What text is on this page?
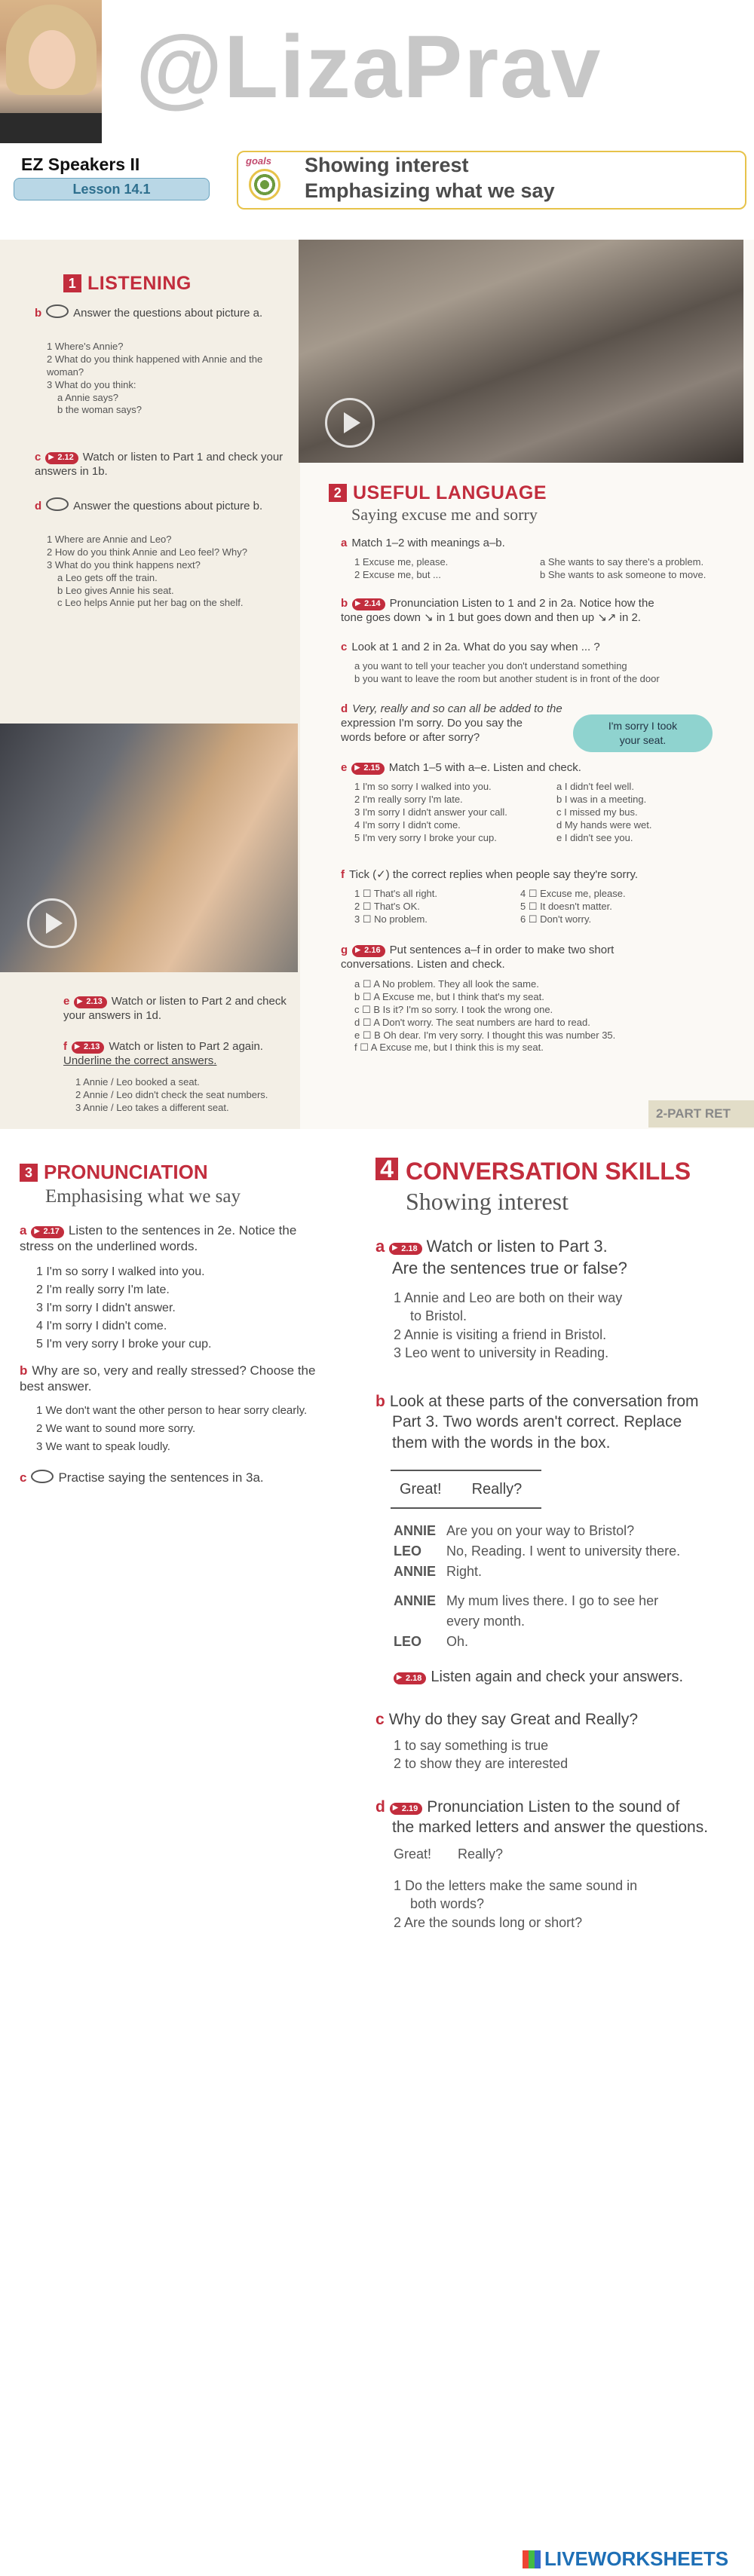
@LizaPrav
EZ Speakers II
Lesson 14.1
goals Showing interest
Emphasizing what we say
1 LISTENING
b	Answer the questions about picture a.
1 Where's Annie?
2 What do you think happened with Annie and the woman?
3 What do you think:
a Annie says?
b the woman says?
c ▶ 2.12 Watch or listen to Part 1 and check your answers in 1b.
d	Answer the questions about picture b.
1 Where are Annie and Leo?
2 How do you think Annie and Leo feel? Why?
3 What do you think happens next?
a Leo gets off the train.
b Leo gives Annie his seat.
c Leo helps Annie put her bag on the shelf.
e ▶ 2.13 Watch or listen to Part 2 and check your answers in 1d.
f ▶ 2.13 Watch or listen to Part 2 again.
Underline the correct answers.
1 Annie / Leo booked a seat.
2 Annie / Leo didn't check the seat numbers.
3 Annie / Leo takes a different seat.
2 USEFUL LANGUAGE
Saying excuse me and sorry
a Match 1–2 with meanings a–b.
1 Excuse me, please.
2 Excuse me, but ...
a She wants to say there's a problem.
b She wants to ask someone to move.
b ▶ 2.14 Pronunciation Listen to 1 and 2 in 2a. Notice how the
tone goes down ↘ in 1 but goes down and then up ↘↗ in 2.
c Look at 1 and 2 in 2a. What do you say when ... ?
a you want to tell your teacher you don't understand something
b you want to leave the room but another student is in front of the door
d Very, really and so can all be added to the
expression I'm sorry. Do you say the
words before or after sorry?
I'm sorry I took
your seat.
e ▶ 2.15 Match 1–5 with a–e. Listen and check.
1 I'm so sorry I walked into you.
2 I'm really sorry I'm late.
3 I'm sorry I didn't answer your call.
4 I'm sorry I didn't come.
5 I'm very sorry I broke your cup.
a I didn't feel well.
b I was in a meeting.
c I missed my bus.
d My hands were wet.
e I didn't see you.
f Tick (✓) the correct replies when people say they're sorry.
1 ☐ That's all right.
2 ☐ That's OK.
3 ☐ No problem.
4 ☐ Excuse me, please.
5 ☐ It doesn't matter.
6 ☐ Don't worry.
g ▶ 2.16 Put sentences a–f in order to make two short
conversations. Listen and check.
a ☐ A No problem. They all look the same.
b ☐ A Excuse me, but I think that's my seat.
c ☐ B Is it? I'm so sorry. I took the wrong one.
d ☐ A Don't worry. The seat numbers are hard to read.
e ☐ B Oh dear. I'm very sorry. I thought this was number 35.
f ☐ A Excuse me, but I think this is my seat.
2-PART RET
3 PRONUNCIATION
Emphasising what we say
a ▶ 2.17 Listen to the sentences in 2e. Notice the
stress on the underlined words.
1 I'm so sorry I walked into you.
2 I'm really sorry I'm late.
3 I'm sorry I didn't answer.
4 I'm sorry I didn't come.
5 I'm very sorry I broke your cup.
b Why are so, very and really stressed? Choose the
best answer.
1 We don't want the other person to hear sorry clearly.
2 We want to sound more sorry.
3 We want to speak loudly.
c Practise saying the sentences in 3a.
4 CONVERSATION SKILLS
Showing interest
a ▶ 2.18 Watch or listen to Part 3.
Are the sentences true or false?
1 Annie and Leo are both on their way
to Bristol.
2 Annie is visiting a friend in Bristol.
3 Leo went to university in Reading.
b Look at these parts of the conversation from
Part 3. Two words aren't correct. Replace
them with the words in the box.
Great! Really?
ANNIE Are you on your way to Bristol?
LEO No, Reading. I went to university there.
ANNIE Right.
ANNIE My mum lives there. I go to see her
every month.
LEO Oh.
▶ 2.18 Listen again and check your answers.
c Why do they say Great and Really?
1 to say something is true
2 to show they are interested
d ▶ 2.19 Pronunciation Listen to the sound of
the marked letters and answer the questions.
Great!       Really?
1 Do the letters make the same sound in
both words?
2 Are the sounds long or short?
LIVEWORKSHEETS
